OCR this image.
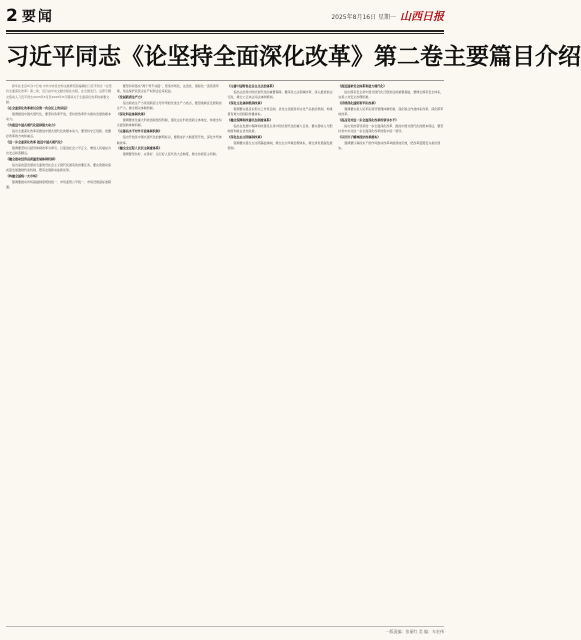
2 要闻	2025年8月16日 星期一 山西日报
习近平同志《论坚持全面深化改革》第二卷主要篇目介绍

新华社北京8月17日电 中共中央党史和文献研究院编辑的习近平同志《论坚持全面深化改革》第二卷，近日由中央文献出版社出版，在全国发行。这部专题文集收入习近平同志2023年5月至2025年6月期间关于全面深化改革的重要文献。

《在全面深化改革委员会第一次会议上的讲话》

强调推进中国式现代化，要坚持改革开放，坚持把改革作为推动发展的根本动力。

《为推进中国式现代化提供强大动力》

指出全面深化改革是推进中国式现代化的根本动力，要坚持守正创新，把握好改革的方向和重点。

《进一步全面深化改革 推进中国式现代化》

强调要坚持以经济体制改革为牵引，以促进社会公平正义、增进人民福祉为出发点和落脚点。

《健全推动经济高质量发展体制机制》

指出高质量发展是全面建设社会主义现代化国家的首要任务，要完善推动高质量发展激励约束机制，塑造发展新动能新优势。

《构建全国统一大市场》

强调要推动市场基础制度规则统一、市场监管公平统一、市场设施高标准联通。

要坚持和落实“两个毫不动摇”，营造市场化、法治化、国际化一流营商环境，依法保护民营企业产权和企业家权益。

《发展新质生产力》

指出新质生产力是创新起主导作用的先进生产力质态，要因地制宜发展新质生产力，健全相关体制机制。

《深化科技体制改革》

强调要优化重大科技创新组织机制，强化企业科技创新主体地位，构建支持全面创新体制机制。

《完善高水平对外开放体制机制》

指出开放是中国式现代化的鲜明标识，要稳步扩大制度型开放，深化外贸体制改革。

《健全全过程人民民主制度体系》

强调要坚持好、完善好、运行好人民代表大会制度，健全协商民主机制。

《完善中国特色社会主义法治体系》

指出法治是中国式现代化的重要保障，要深化立法领域改革，深入推进依法行政，健全公正执法司法体制机制。

《深化文化体制机制改革》

强调要完善意识形态工作责任制，优化文化服务和文化产品供给机制，构建更有效力的国际传播体系。

《健全保障和改善民生制度体系》

指出在发展中保障和改善民生是中国式现代化的重大任务，要完善收入分配制度和就业优先政策。

《深化生态文明体制改革》

强调要完善生态文明基础体制，健全生态环境治理体系，健全绿色低碳发展机制。

《推进国家安全体系和能力现代化》

指出国家安全是中国式现代化行稳致远的重要基础，要健全国家安全体系，完善公共安全治理机制。

《持续深化国防和军队改革》

强调要完善人民军队领导管理体制机制，深化联合作战体系改革，深化跨军地改革。

《提高党对进一步全面深化改革的领导水平》

指出党的领导是进一步全面深化改革、推进中国式现代化的根本保证，要坚持党中央对进一步全面深化改革的集中统一领导。

《以钉钉子精神抓好改革落实》

强调要以真抓实干的作风推动改革举措落地见效，把改革蓝图变为美好现实。

一版责编：张丽红 美 编：车宏伟
